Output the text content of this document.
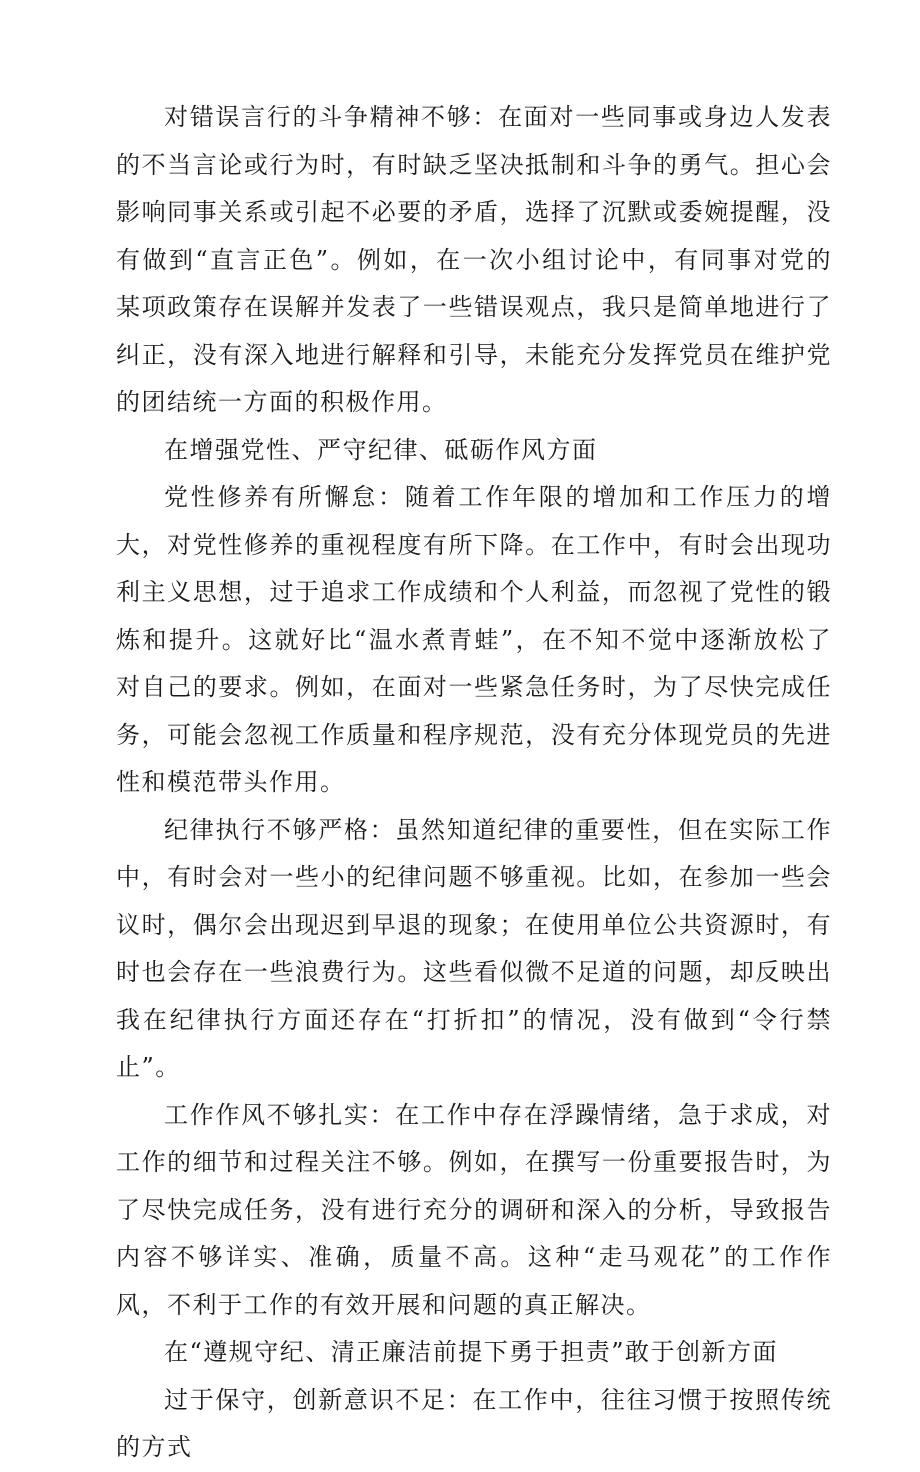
对错误言行的斗争精神不够：在面对一些同事或身边人发表的不当言论或行为时，有时缺乏坚决抵制和斗争的勇气。担心会影响同事关系或引起不必要的矛盾，选择了沉默或委婉提醒，没有做到“直言正色”。例如，在一次小组讨论中，有同事对党的某项政策存在误解并发表了一些错误观点，我只是简单地进行了纠正，没有深入地进行解释和引导，未能充分发挥党员在维护党的团结统一方面的积极作用。

在增强党性、严守纪律、砥砺作风方面

党性修养有所懈怠：随着工作年限的增加和工作压力的增大，对党性修养的重视程度有所下降。在工作中，有时会出现功利主义思想，过于追求工作成绩和个人利益，而忽视了党性的锻炼和提升。这就好比“温水煮青蛙”，在不知不觉中逐渐放松了对自己的要求。例如，在面对一些紧急任务时，为了尽快完成任务，可能会忽视工作质量和程序规范，没有充分体现党员的先进性和模范带头作用。

纪律执行不够严格：虽然知道纪律的重要性，但在实际工作中，有时会对一些小的纪律问题不够重视。比如，在参加一些会议时，偶尔会出现迟到早退的现象；在使用单位公共资源时，有时也会存在一些浪费行为。这些看似微不足道的问题，却反映出我在纪律执行方面还存在“打折扣”的情况，没有做到“令行禁止”。

工作作风不够扎实：在工作中存在浮躁情绪，急于求成，对工作的细节和过程关注不够。例如，在撰写一份重要报告时，为了尽快完成任务，没有进行充分的调研和深入的分析，导致报告内容不够详实、准确，质量不高。这种“走马观花”的工作作风，不利于工作的有效开展和问题的真正解决。

在“遵规守纪、清正廉洁前提下勇于担责”敢于创新方面

过于保守，创新意识不足：在工作中，往往习惯于按照传统的方式
